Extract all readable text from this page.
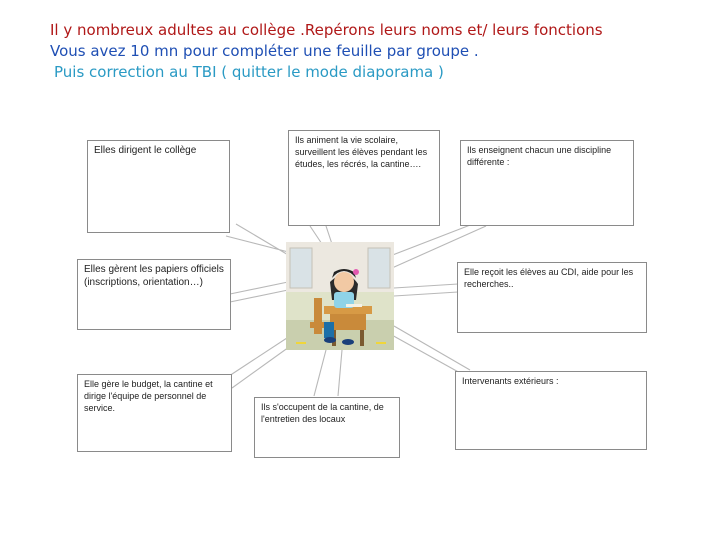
Il y nombreux adultes au collège .Repérons leurs noms et/ leurs fonctions

Vous avez 10 mn pour compléter une feuille par groupe .

Puis correction au TBI ( quitter le mode diaporama )

Elles dirigent le collège
Ils animent la vie scolaire, surveillent les élèves pendant les études, les récrés, la cantine….
Ils enseignent chacun une discipline différente :
Elles gèrent les papiers officiels (inscriptions, orientation…)
Elle reçoit les élèves au CDI, aide pour les recherches..
Elle gère le budget, la cantine et dirige l'équipe de personnel de service.
Intervenants extérieurs :
Ils s'occupent de la cantine, de l'entretien des locaux
